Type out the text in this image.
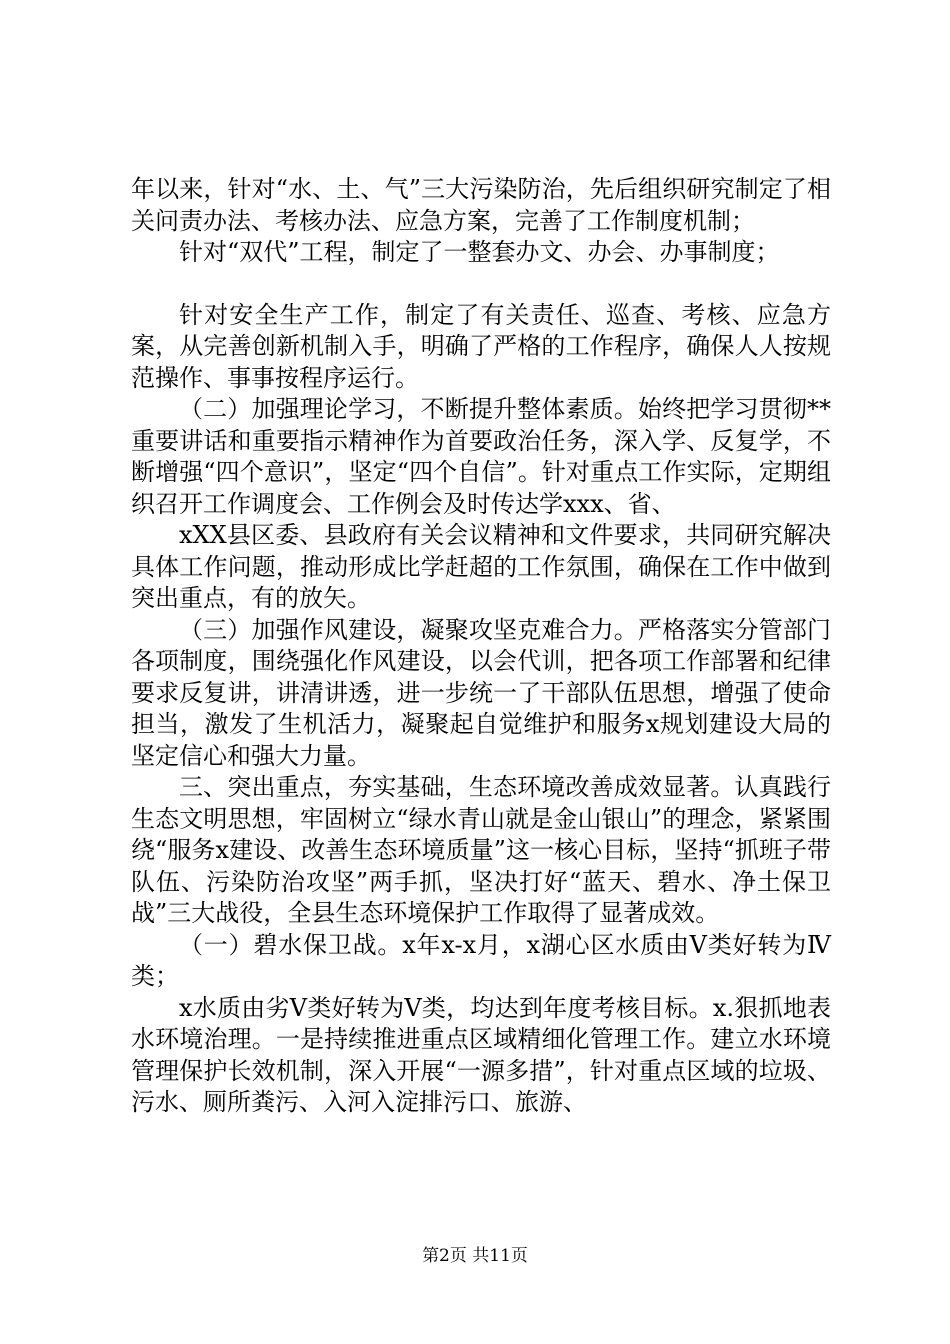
年以来，针对“水、土、气”三大污染防治，先后组织研究制定了相关问责办法、考核办法、应急方案，完善了工作制度机制；

针对“双代”工程，制定了一整套办文、办会、办事制度；

针对安全生产工作，制定了有关责任、巡查、考核、应急方案，从完善创新机制入手，明确了严格的工作程序，确保人人按规范操作、事事按程序运行。

（二）加强理论学习，不断提升整体素质。始终把学习贯彻**重要讲话和重要指示精神作为首要政治任务，深入学、反复学，不断增强“四个意识”，坚定“四个自信”。针对重点工作实际，定期组织召开工作调度会、工作例会及时传达学xxx、省、

xXX县区委、县政府有关会议精神和文件要求，共同研究解决具体工作问题，推动形成比学赶超的工作氛围，确保在工作中做到突出重点，有的放矢。

（三）加强作风建设，凝聚攻坚克难合力。严格落实分管部门各项制度，围绕强化作风建设，以会代训，把各项工作部署和纪律要求反复讲，讲清讲透，进一步统一了干部队伍思想，增强了使命担当，激发了生机活力，凝聚起自觉维护和服务x规划建设大局的坚定信心和强大力量。

三、突出重点，夯实基础，生态环境改善成效显著。认真践行生态文明思想，牢固树立“绿水青山就是金山银山”的理念，紧紧围绕“服务x建设、改善生态环境质量”这一核心目标，坚持“抓班子带队伍、污染防治攻坚”两手抓，坚决打好“蓝天、碧水、净土保卫战”三大战役，全县生态环境保护工作取得了显著成效。

（一）碧水保卫战。x年x-x月，x湖心区水质由Ⅴ类好转为Ⅳ类；

x水质由劣Ⅴ类好转为Ⅴ类，均达到年度考核目标。x.狠抓地表水环境治理。一是持续推进重点区域精细化管理工作。建立水环境管理保护长效机制，深入开展“一源多措”，针对重点区域的垃圾、污水、厕所粪污、入河入淀排污口、旅游、

第2页 共11页
